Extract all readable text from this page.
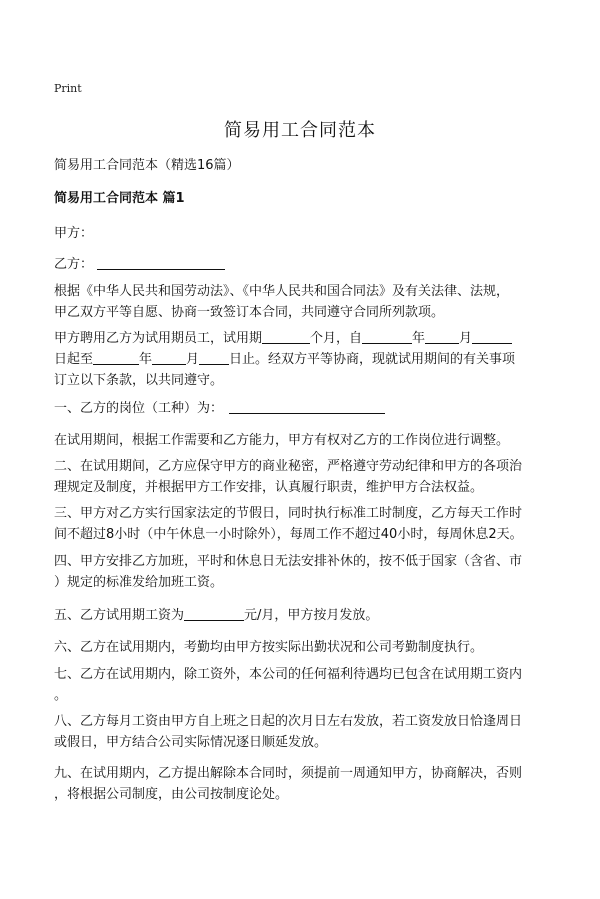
Print
简易用工合同范本
简易用工合同范本（精选16篇）
简易用工合同范本 篇1
甲方：
乙方：
根据《中华人民共和国劳动法》、《中华人民共和国合同法》及有关法律、法规，
甲乙双方平等自愿、协商一致签订本合同，共同遵守合同所列款项。
甲方聘用乙方为试用期员工，试用期	个月，自	年	月
日起至	年	月 日止。经双方平等协商，现就试用期间的有关事项
订立以下条款，以共同遵守。
一、乙方的岗位（工种）为：
在试用期间，根据工作需要和乙方能力，甲方有权对乙方的工作岗位进行调整。
二、在试用期间，乙方应保守甲方的商业秘密，严格遵守劳动纪律和甲方的各项治
理规定及制度，并根据甲方工作安排，认真履行职责，维护甲方合法权益。
三、甲方对乙方实行国家法定的节假日，同时执行标准工时制度，乙方每天工作时
间不超过8小时（中午休息一小时除外），每周工作不超过40小时，每周休息2天。
四、甲方安排乙方加班，平时和休息日无法安排补休的，按不低于国家（含省、市
）规定的标准发给加班工资。
五、乙方试用期工资为	元/月，甲方按月发放。
六、乙方在试用期内，考勤均由甲方按实际出勤状况和公司考勤制度执行。
七、乙方在试用期内，除工资外，本公司的任何福利待遇均已包含在试用期工资内
。
八、乙方每月工资由甲方自上班之日起的次月日左右发放，若工资发放日恰逢周日
或假日，甲方结合公司实际情况逐日顺延发放。
九、在试用期内，乙方提出解除本合同时，须提前一周通知甲方，协商解决，否则
，将根据公司制度，由公司按制度论处。
